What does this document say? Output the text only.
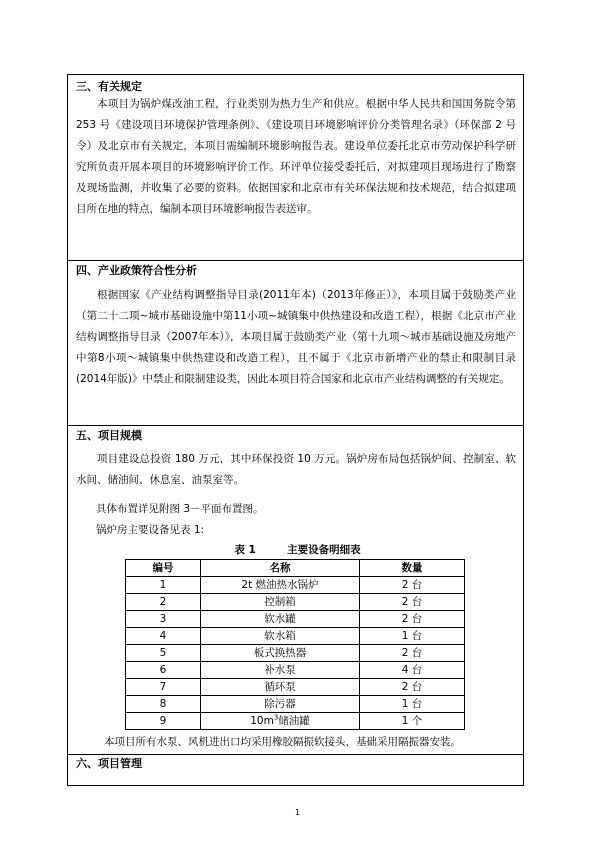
三、有关规定
本项目为锅炉煤改油工程，行业类别为热力生产和供应。根据中华人民共和国国务院令第 253 号《建设项目环境保护管理条例》、《建设项目环境影响评价分类管理名录》（环保部 2 号令）及北京市有关规定，本项目需编制环境影响报告表。建设单位委托北京市劳动保护科学研究所负责开展本项目的环境影响评价工作。环评单位接受委托后，对拟建项目现场进行了勘察及现场监测，并收集了必要的资料。依据国家和北京市有关环保法规和技术规范，结合拟建项目所在地的特点，编制本项目环境影响报告表送审。
四、产业政策符合性分析
根据国家《产业结构调整指导目录(2011年本)（2013年修正）》，本项目属于鼓励类产业（第二十二项~城市基础设施中第11小项~城镇集中供热建设和改造工程），根据《北京市产业结构调整指导目录（2007年本）》，本项目属于鼓励类产业（第十九项～城市基础设施及房地产中第8小项～城镇集中供热建设和改造工程），且不属于《北京市新增产业的禁止和限制目录(2014年版)》中禁止和限制建设类，因此本项目符合国家和北京市产业结构调整的有关规定。
五、项目规模
项目建设总投资 180 万元，其中环保投资 10 万元。锅炉房布局包括锅炉间、控制室、软水间、储油间、休息室、油泵室等。
具体布置详见附图 3－平面布置图。
锅炉房主要设备见表 1:
表 1	主要设备明细表
编号	名称	数量
1	2t 燃油热水锅炉	2 台
2	控制箱	2 台
3	软水罐	2 台
4	软水箱	1 台
5	板式换热器	2 台
6	补水泵	4 台
7	循环泵	2 台
8	除污器	1 台
9	$10m^3$储油罐	1 个
本项目所有水泵、风机进出口均采用橡胶隔振软接头，基础采用隔振器安装。
六、项目管理
1
